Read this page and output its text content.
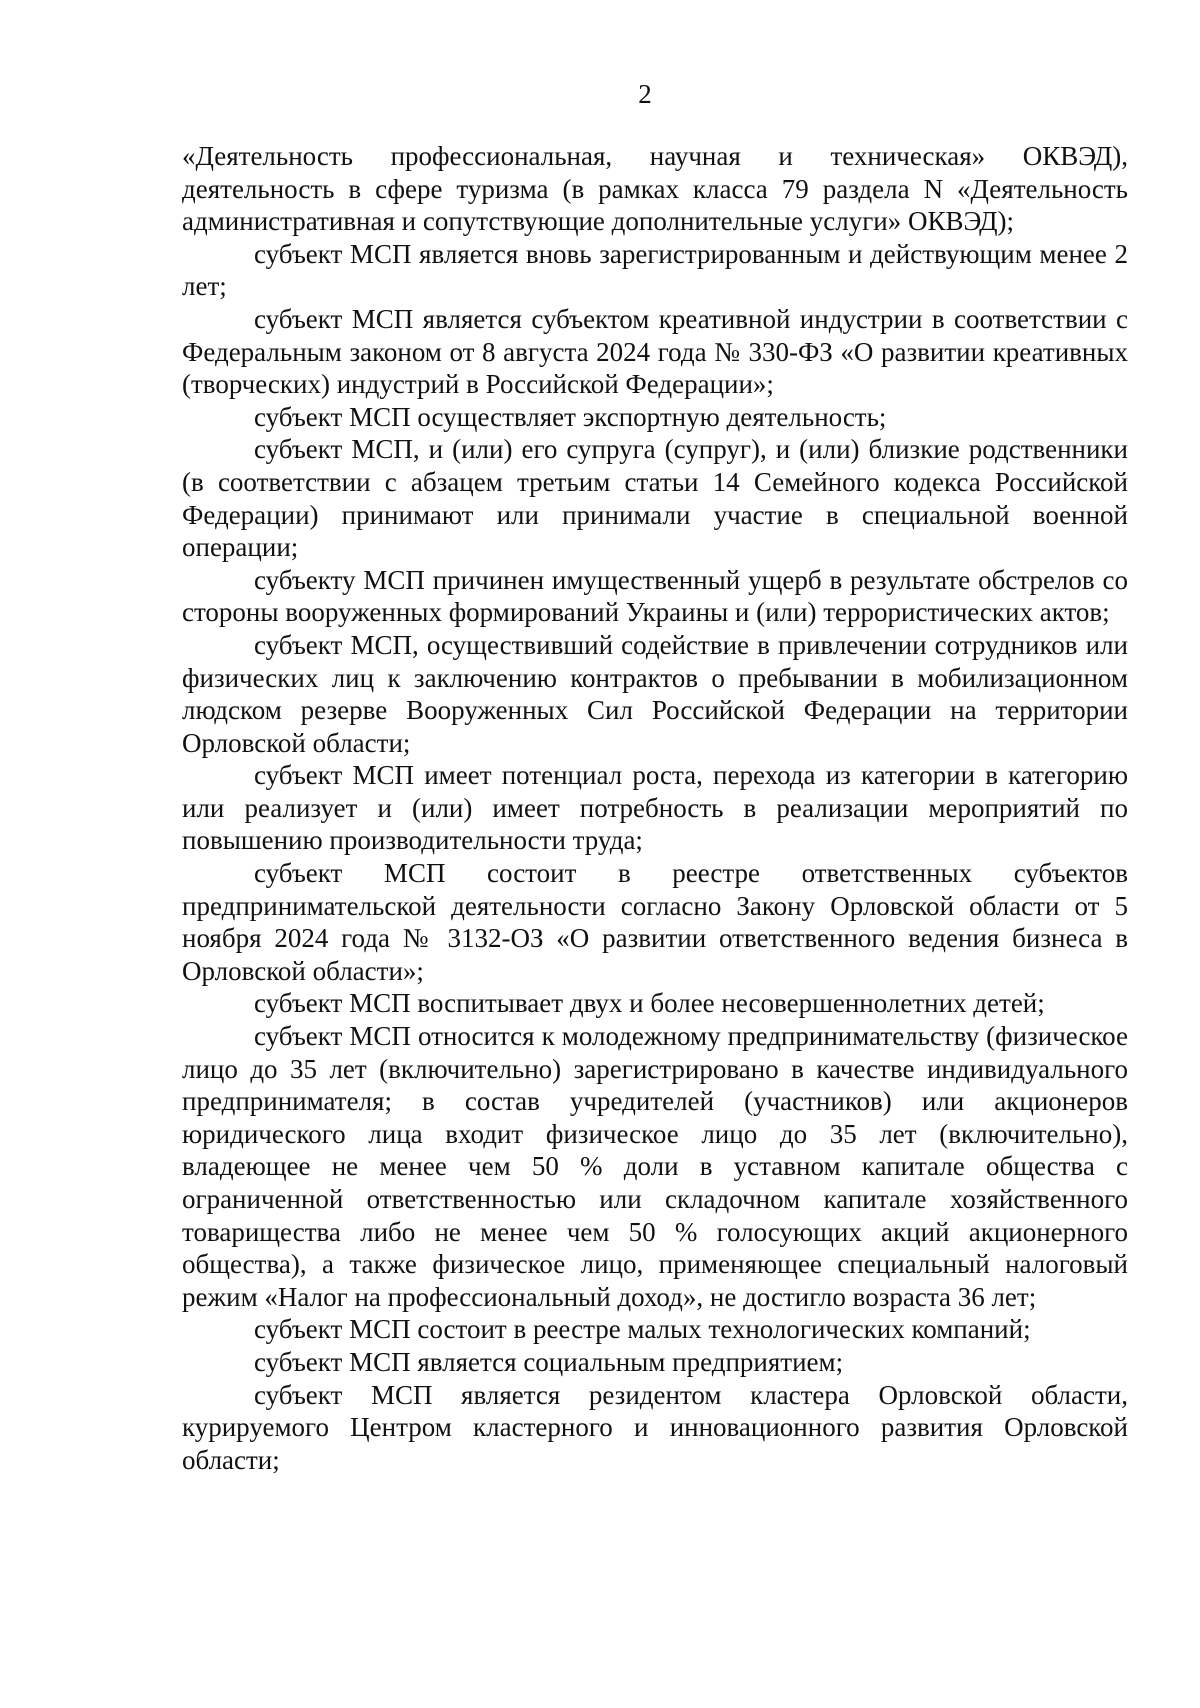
2

«Деятельность профессиональная, научная и техническая» ОКВЭД), деятельность в сфере туризма (в рамках класса 79 раздела N «Деятельность административная и сопутствующие дополнительные услуги» ОКВЭД);

субъект МСП является вновь зарегистрированным и действующим менее 2 лет;

субъект МСП является субъектом креативной индустрии в соответствии с Федеральным законом от 8 августа 2024 года № 330-ФЗ «О развитии креативных (творческих) индустрий в Российской Федерации»;

субъект МСП осуществляет экспортную деятельность;

субъект МСП, и (или) его супруга (супруг), и (или) близкие родственники (в соответствии с абзацем третьим статьи 14 Семейного кодекса Российской Федерации) принимают или принимали участие в специальной военной операции;

субъекту МСП причинен имущественный ущерб в результате обстрелов со стороны вооруженных формирований Украины и (или) террористических актов;

субъект МСП, осуществивший содействие в привлечении сотрудников или физических лиц к заключению контрактов о пребывании в мобилизационном людском резерве Вооруженных Сил Российской Федерации на территории Орловской области;

субъект МСП имеет потенциал роста, перехода из категории в категорию или реализует и (или) имеет потребность в реализации мероприятий по повышению производительности труда;

субъект МСП состоит в реестре ответственных субъектов предпринимательской деятельности согласно Закону Орловской области от 5 ноября 2024 года № 3132-ОЗ «О развитии ответственного ведения бизнеса в Орловской области»;

субъект МСП воспитывает двух и более несовершеннолетних детей;

субъект МСП относится к молодежному предпринимательству (физическое лицо до 35 лет (включительно) зарегистрировано в качестве индивидуального предпринимателя; в состав учредителей (участников) или акционеров юридического лица входит физическое лицо до 35 лет (включительно), владеющее не менее чем 50 % доли в уставном капитале общества с ограниченной ответственностью или складочном капитале хозяйственного товарищества либо не менее чем 50 % голосующих акций акционерного общества), а также физическое лицо, применяющее специальный налоговый режим «Налог на профессиональный доход», не достигло возраста 36 лет;

субъект МСП состоит в реестре малых технологических компаний;

субъект МСП является социальным предприятием;

субъект МСП является резидентом кластера Орловской области, курируемого Центром кластерного и инновационного развития Орловской области;
